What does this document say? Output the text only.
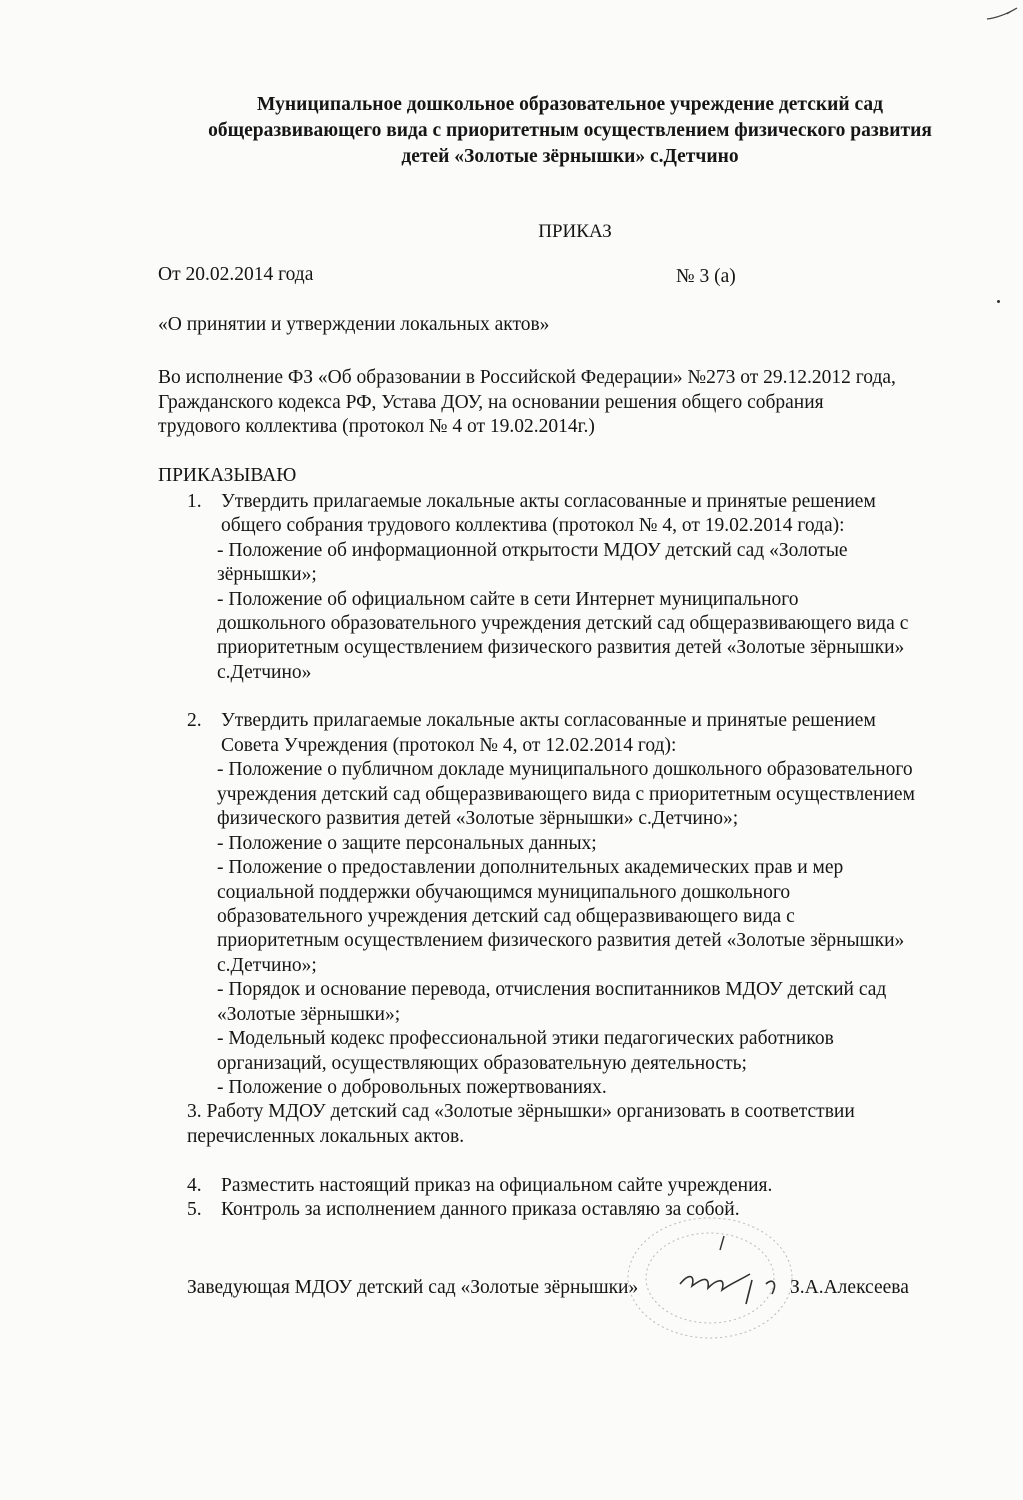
Муниципальное дошкольное образовательное учреждение детский сад
общеразвивающего вида с приоритетным осуществлением физического развития
детей «Золотые зёрнышки» с.Детчино
ПРИКАЗ
От 20.02.2014 года	№ 3 (а)
«О принятии и утверждении локальных актов»
Во исполнение ФЗ «Об образовании в Российской Федерации» №273 от 29.12.2012 года,
Гражданского кодекса РФ, Устава ДОУ, на основании решения общего собрания
трудового коллектива (протокол № 4 от 19.02.2014г.)
ПРИКАЗЫВАЮ
1. Утвердить прилагаемые локальные акты согласованные и принятые решением
общего собрания трудового коллектива (протокол № 4, от 19.02.2014 года):
- Положение об информационной открытости МДОУ детский сад «Золотые
зёрнышки»;
- Положение об официальном сайте в сети Интернет муниципального
дошкольного образовательного учреждения детский сад общеразвивающего вида с
приоритетным осуществлением физического развития детей «Золотые зёрнышки»
с.Детчино»
2. Утвердить прилагаемые локальные акты согласованные и принятые решением
Совета Учреждения (протокол № 4, от 12.02.2014 год):
- Положение о публичном докладе муниципального дошкольного образовательного
учреждения детский сад общеразвивающего вида с приоритетным осуществлением
физического развития детей «Золотые зёрнышки» с.Детчино»;
- Положение о защите персональных данных;
- Положение о предоставлении дополнительных академических прав и мер
социальной поддержки обучающимся муниципального дошкольного
образовательного учреждения детский сад общеразвивающего вида с
приоритетным осуществлением физического развития детей «Золотые зёрнышки»
с.Детчино»;
- Порядок и основание перевода, отчисления воспитанников МДОУ детский сад
«Золотые зёрнышки»;
- Модельный кодекс профессиональной этики педагогических работников
организаций, осуществляющих образовательную деятельность;
- Положение о добровольных пожертвованиях.
3. Работу МДОУ детский сад «Золотые зёрнышки» организовать в соответствии
перечисленных локальных актов.
4. Разместить настоящий приказ на официальном сайте учреждения.
5. Контроль за исполнением данного приказа оставляю за собой.
Заведующая МДОУ детский сад «Золотые зёрнышки»	З.А.Алексеева
